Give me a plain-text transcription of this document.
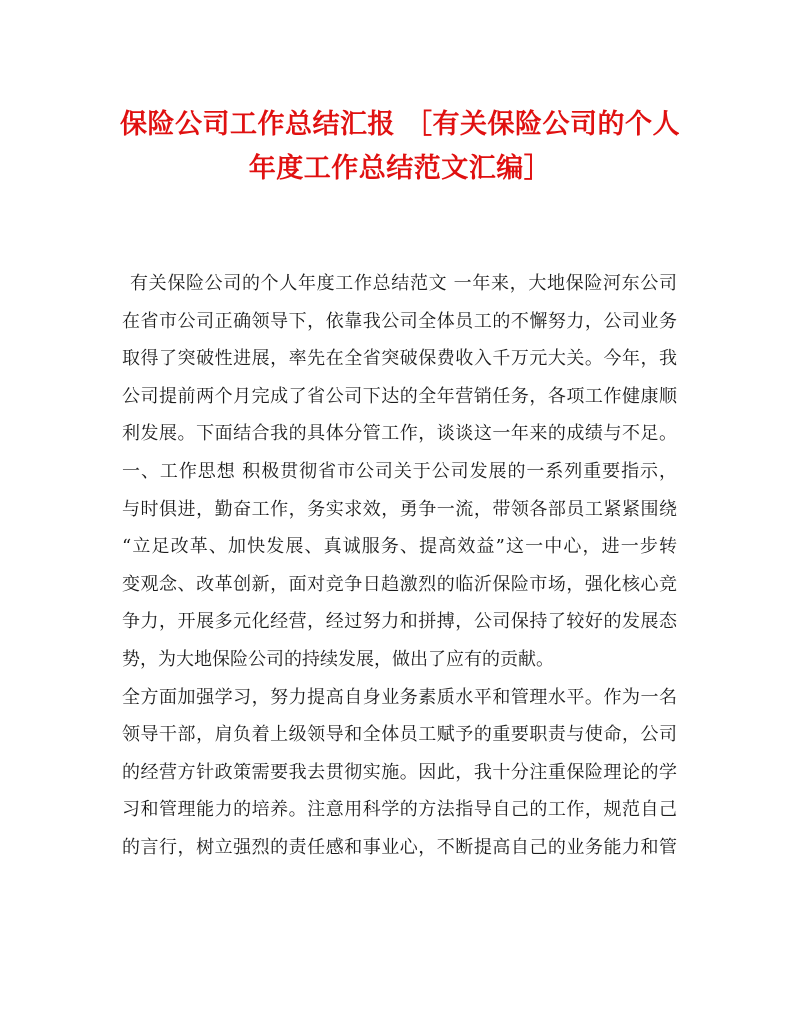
保险公司工作总结汇报 ［有关保险公司的个人年度工作总结范文汇编］
有关保险公司的个人年度工作总结范文 一年来，大地保险河东公司
在省市公司正确领导下，依靠我公司全体员工的不懈努力，公司业务
取得了突破性进展，率先在全省突破保费收入千万元大关。今年，我
公司提前两个月完成了省公司下达的全年营销任务，各项工作健康顺
利发展。下面结合我的具体分管工作，谈谈这一年来的成绩与不足。
一、工作思想 积极贯彻省市公司关于公司发展的一系列重要指示，
与时俱进，勤奋工作，务实求效，勇争一流，带领各部员工紧紧围绕
“立足改革、加快发展、真诚服务、提高效益”这一中心，进一步转
变观念、改革创新，面对竞争日趋激烈的临沂保险市场，强化核心竞
争力，开展多元化经营，经过努力和拼搏，公司保持了较好的发展态
势，为大地保险公司的持续发展，做出了应有的贡献。
全方面加强学习，努力提高自身业务素质水平和管理水平。作为一名
领导干部，肩负着上级领导和全体员工赋予的重要职责与使命，公司
的经营方针政策需要我去贯彻实施。因此，我十分注重保险理论的学
习和管理能力的培养。注意用科学的方法指导自己的工作，规范自己
的言行，树立强烈的责任感和事业心，不断提高自己的业务能力和管
